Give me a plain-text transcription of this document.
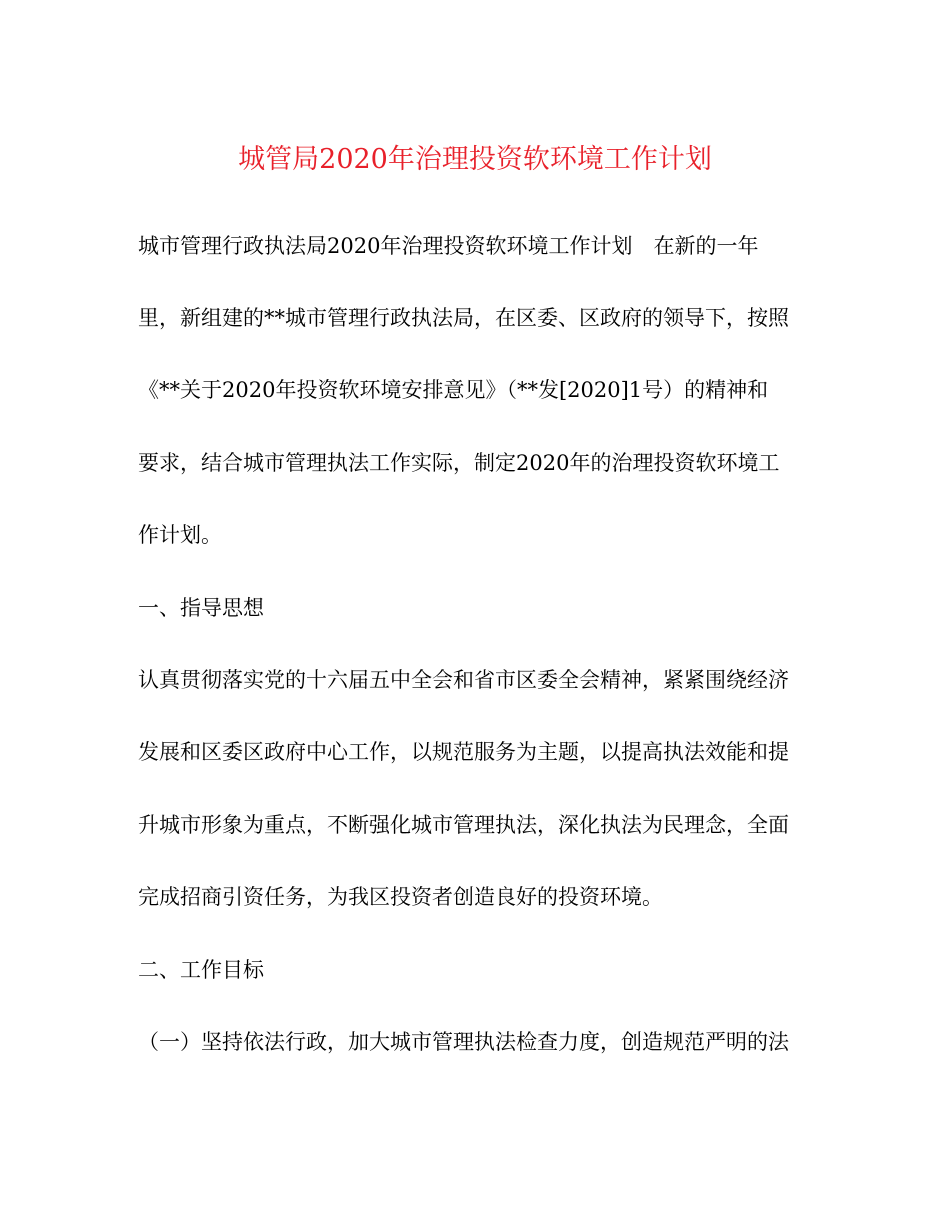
城管局2020年治理投资软环境工作计划
城市管理行政执法局2020年治理投资软环境工作计划　在新的一年
里，新组建的**城市管理行政执法局，在区委、区政府的领导下，按照
《**关于2020年投资软环境安排意见》（**发[2020]1号）的精神和
要求，结合城市管理执法工作实际，制定2020年的治理投资软环境工
作计划。
一、指导思想
认真贯彻落实党的十六届五中全会和省市区委全会精神，紧紧围绕经济
发展和区委区政府中心工作，以规范服务为主题，以提高执法效能和提
升城市形象为重点，不断强化城市管理执法，深化执法为民理念，全面
完成招商引资任务，为我区投资者创造良好的投资环境。
二、工作目标
（一）坚持依法行政，加大城市管理执法检查力度，创造规范严明的法
